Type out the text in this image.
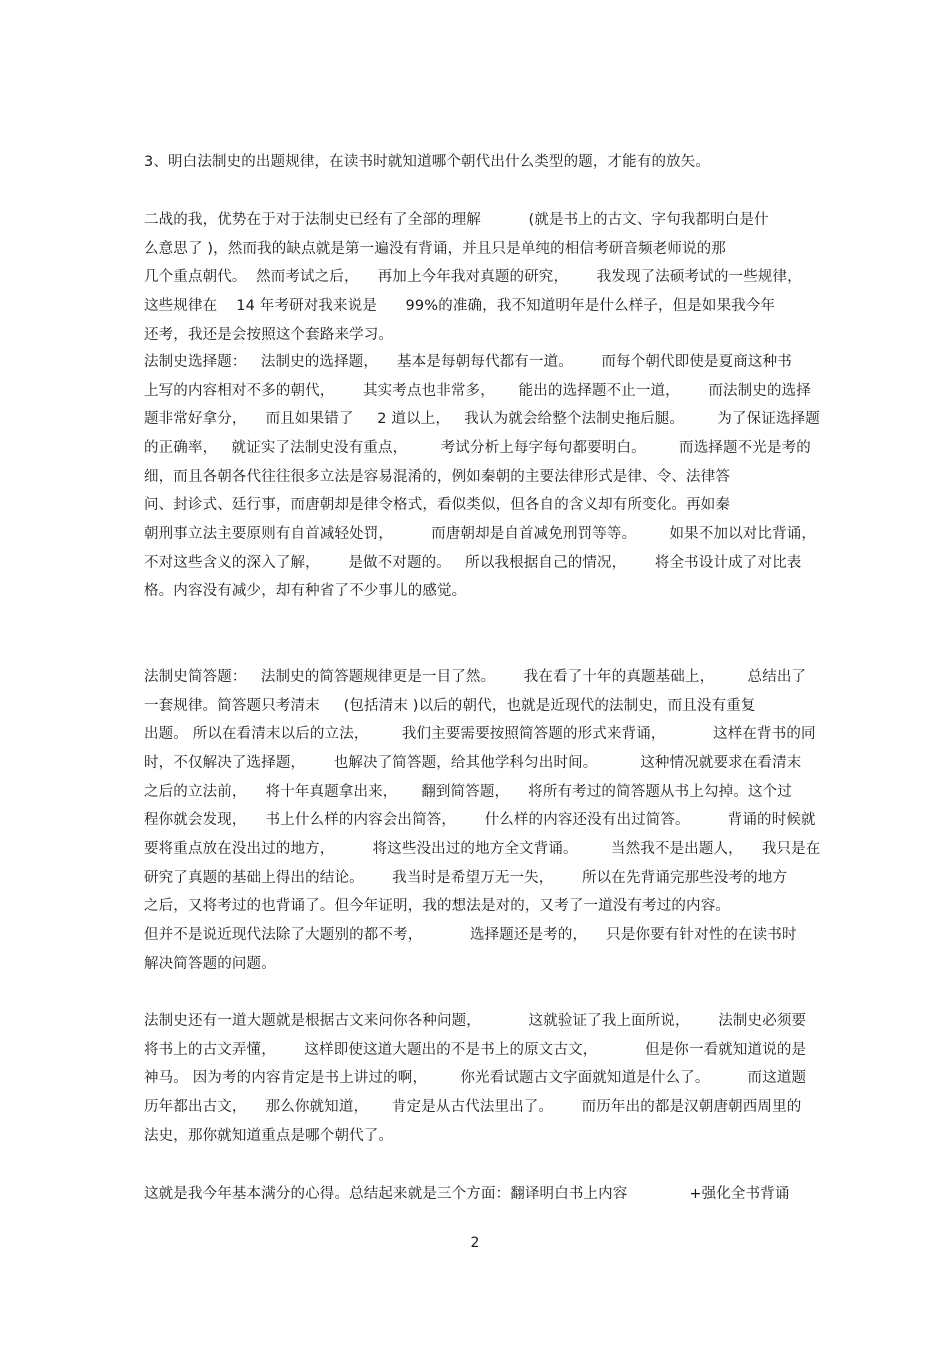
3、明白法制史的出题规律，在读书时就知道哪个朝代出什么类型的题，才能有的放矢。
二战的我，优势在于对于法制史已经有了全部的理解          (就是书上的古文、字句我都明白是什
么意思了 )，然而我的缺点就是第一遍没有背诵，并且只是单纯的相信考研音频老师说的那
几个重点朝代。  然而考试之后，    再加上今年我对真题的研究，      我发现了法硕考试的一些规律，
这些规律在    14 年考研对我来说是      99%的准确，我不知道明年是什么样子，但是如果我今年
还考，我还是会按照这个套路来学习。
法制史选择题：   法制史的选择题，    基本是每朝每代都有一道。      而每个朝代即使是夏商这种书
上写的内容相对不多的朝代，      其实考点也非常多，     能出的选择题不止一道，      而法制史的选择
题非常好拿分，    而且如果错了     2 道以上，   我认为就会给整个法制史拖后腿。       为了保证选择题
的正确率，   就证实了法制史没有重点，       考试分析上每字每句都要明白。       而选择题不光是考的
细，而且各朝各代往往很多立法是容易混淆的，例如秦朝的主要法律形式是律、令、法律答
问、封诊式、廷行事，而唐朝却是律令格式，看似类似，但各自的含义却有所变化。再如秦
朝刑事立法主要原则有自首减轻处罚，        而唐朝却是自首减免刑罚等等。       如果不加以对比背诵，
不对这些含义的深入了解，      是做不对题的。   所以我根据自己的情况，      将全书设计成了对比表
格。内容没有减少，却有种省了不少事儿的感觉。
法制史简答题：   法制史的简答题规律更是一目了然。      我在看了十年的真题基础上，       总结出了
一套规律。简答题只考清末     (包括清末 )以后的朝代，也就是近现代的法制史，而且没有重复
出题。 所以在看清末以后的立法，       我们主要需要按照简答题的形式来背诵，          这样在背书的同
时，不仅解决了选择题，      也解决了简答题，给其他学科匀出时间。         这种情况就要求在看清末
之后的立法前，    将十年真题拿出来，     翻到简答题，    将所有考过的简答题从书上勾掉。这个过
程你就会发现，    书上什么样的内容会出简答，      什么样的内容还没有出过简答。        背诵的时候就
要将重点放在没出过的地方，        将这些没出过的地方全文背诵。       当然我不是出题人，    我只是在
研究了真题的基础上得出的结论。      我当时是希望万无一失，      所以在先背诵完那些没考的地方
之后，又将考过的也背诵了。但今年证明，我的想法是对的，又考了一道没有考过的内容。
但并不是说近现代法除了大题别的都不考，          选择题还是考的，    只是你要有针对性的在读书时
解决简答题的问题。
法制史还有一道大题就是根据古文来问你各种问题，          这就验证了我上面所说，      法制史必须要
将书上的古文弄懂，      这样即使这道大题出的不是书上的原文古文，          但是你一看就知道说的是
神马。 因为考的内容肯定是书上讲过的啊，       你光看试题古文字面就知道是什么了。        而这道题
历年都出古文，    那么你就知道，     肯定是从古代法里出了。      而历年出的都是汉朝唐朝西周里的
法史，那你就知道重点是哪个朝代了。
这就是我今年基本满分的心得。总结起来就是三个方面：翻译明白书上内容             +强化全书背诵
2
